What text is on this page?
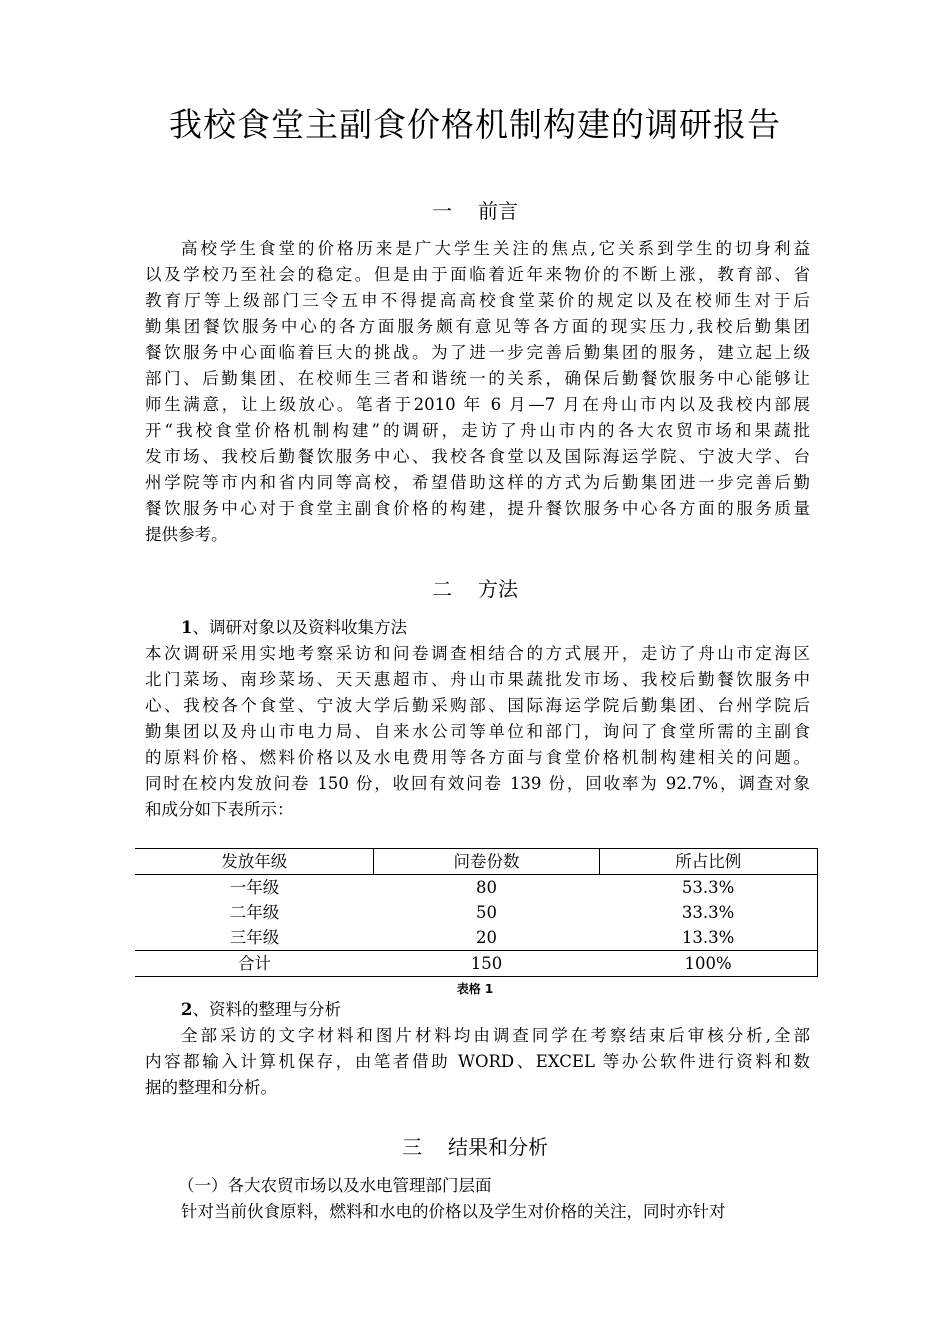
我校食堂主副食价格机制构建的调研报告
一 前言
高校学生食堂的价格历来是广大学生关注的焦点,它关系到学生的切身利益
以及学校乃至社会的稳定。但是由于面临着近年来物价的不断上涨，教育部、省
教育厅等上级部门三令五申不得提高高校食堂菜价的规定以及在校师生对于后
勤集团餐饮服务中心的各方面服务颇有意见等各方面的现实压力,我校后勤集团
餐饮服务中心面临着巨大的挑战。为了进一步完善后勤集团的服务，建立起上级
部门、后勤集团、在校师生三者和谐统一的关系，确保后勤餐饮服务中心能够让
师生满意，让上级放心。笔者于2010 年 6 月—7 月在舟山市内以及我校内部展
开“我校食堂价格机制构建”的调研，走访了舟山市内的各大农贸市场和果蔬批
发市场、我校后勤餐饮服务中心、我校各食堂以及国际海运学院、宁波大学、台
州学院等市内和省内同等高校，希望借助这样的方式为后勤集团进一步完善后勤
餐饮服务中心对于食堂主副食价格的构建，提升餐饮服务中心各方面的服务质量
提供参考。
二 方法
1、调研对象以及资料收集方法
本次调研采用实地考察采访和问卷调查相结合的方式展开，走访了舟山市定海区
北门菜场、南珍菜场、天天惠超市、舟山市果蔬批发市场、我校后勤餐饮服务中
心、我校各个食堂、宁波大学后勤采购部、国际海运学院后勤集团、台州学院后
勤集团以及舟山市电力局、自来水公司等单位和部门，询问了食堂所需的主副食
的原料价格、燃料价格以及水电费用等各方面与食堂价格机制构建相关的问题。
同时在校内发放问卷 150 份，收回有效问卷 139 份，回收率为 92.7%，调查对象
和成分如下表所示：
发放年级	问卷份数	所占比例
一年级	80	53.3%
二年级	50	33.3%
三年级	20	13.3%
合计	150	100%
表格 1
2、资料的整理与分析
全部采访的文字材料和图片材料均由调查同学在考察结束后审核分析,全部
内容都输入计算机保存，由笔者借助 WORD、EXCEL 等办公软件进行资料和数
据的整理和分析。
三 结果和分析
（一）各大农贸市场以及水电管理部门层面
针对当前伙食原料，燃料和水电的价格以及学生对价格的关注，同时亦针对
